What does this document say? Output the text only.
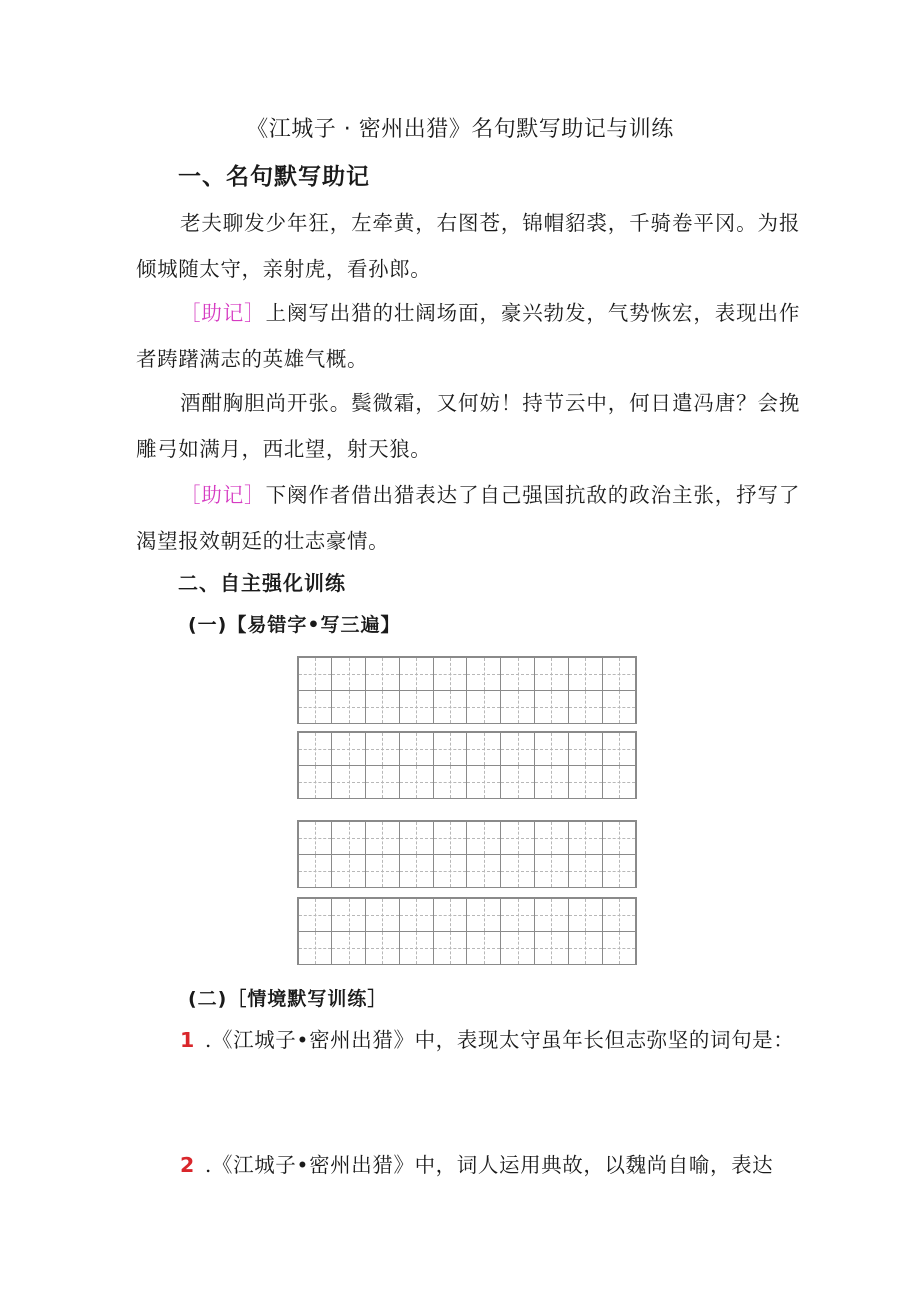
《江城子 · 密州出猎》名句默写助记与训练
一、名句默写助记
老夫聊发少年狂，左牵黄，右图苍，锦帽貂裘，千骑卷平冈。为报倾城随太守，亲射虎，看孙郎。
［助记］上阕写出猎的壮阔场面，豪兴勃发，气势恢宏，表现出作者踌躇满志的英雄气概。
酒酣胸胆尚开张。鬓微霜，又何妨！持节云中，何日遣冯唐？会挽雕弓如满月，西北望，射天狼。
［助记］下阕作者借出猎表达了自己强国抗敌的政治主张，抒写了渴望报效朝廷的壮志豪情。
二、自主强化训练
(一)【易错字•写三遍】
(二)［情境默写训练］
1 .《江城子•密州出猎》中，表现太守虽年长但志弥坚的词句是：
2 .《江城子•密州出猎》中，词人运用典故，以魏尚自喻，表达
